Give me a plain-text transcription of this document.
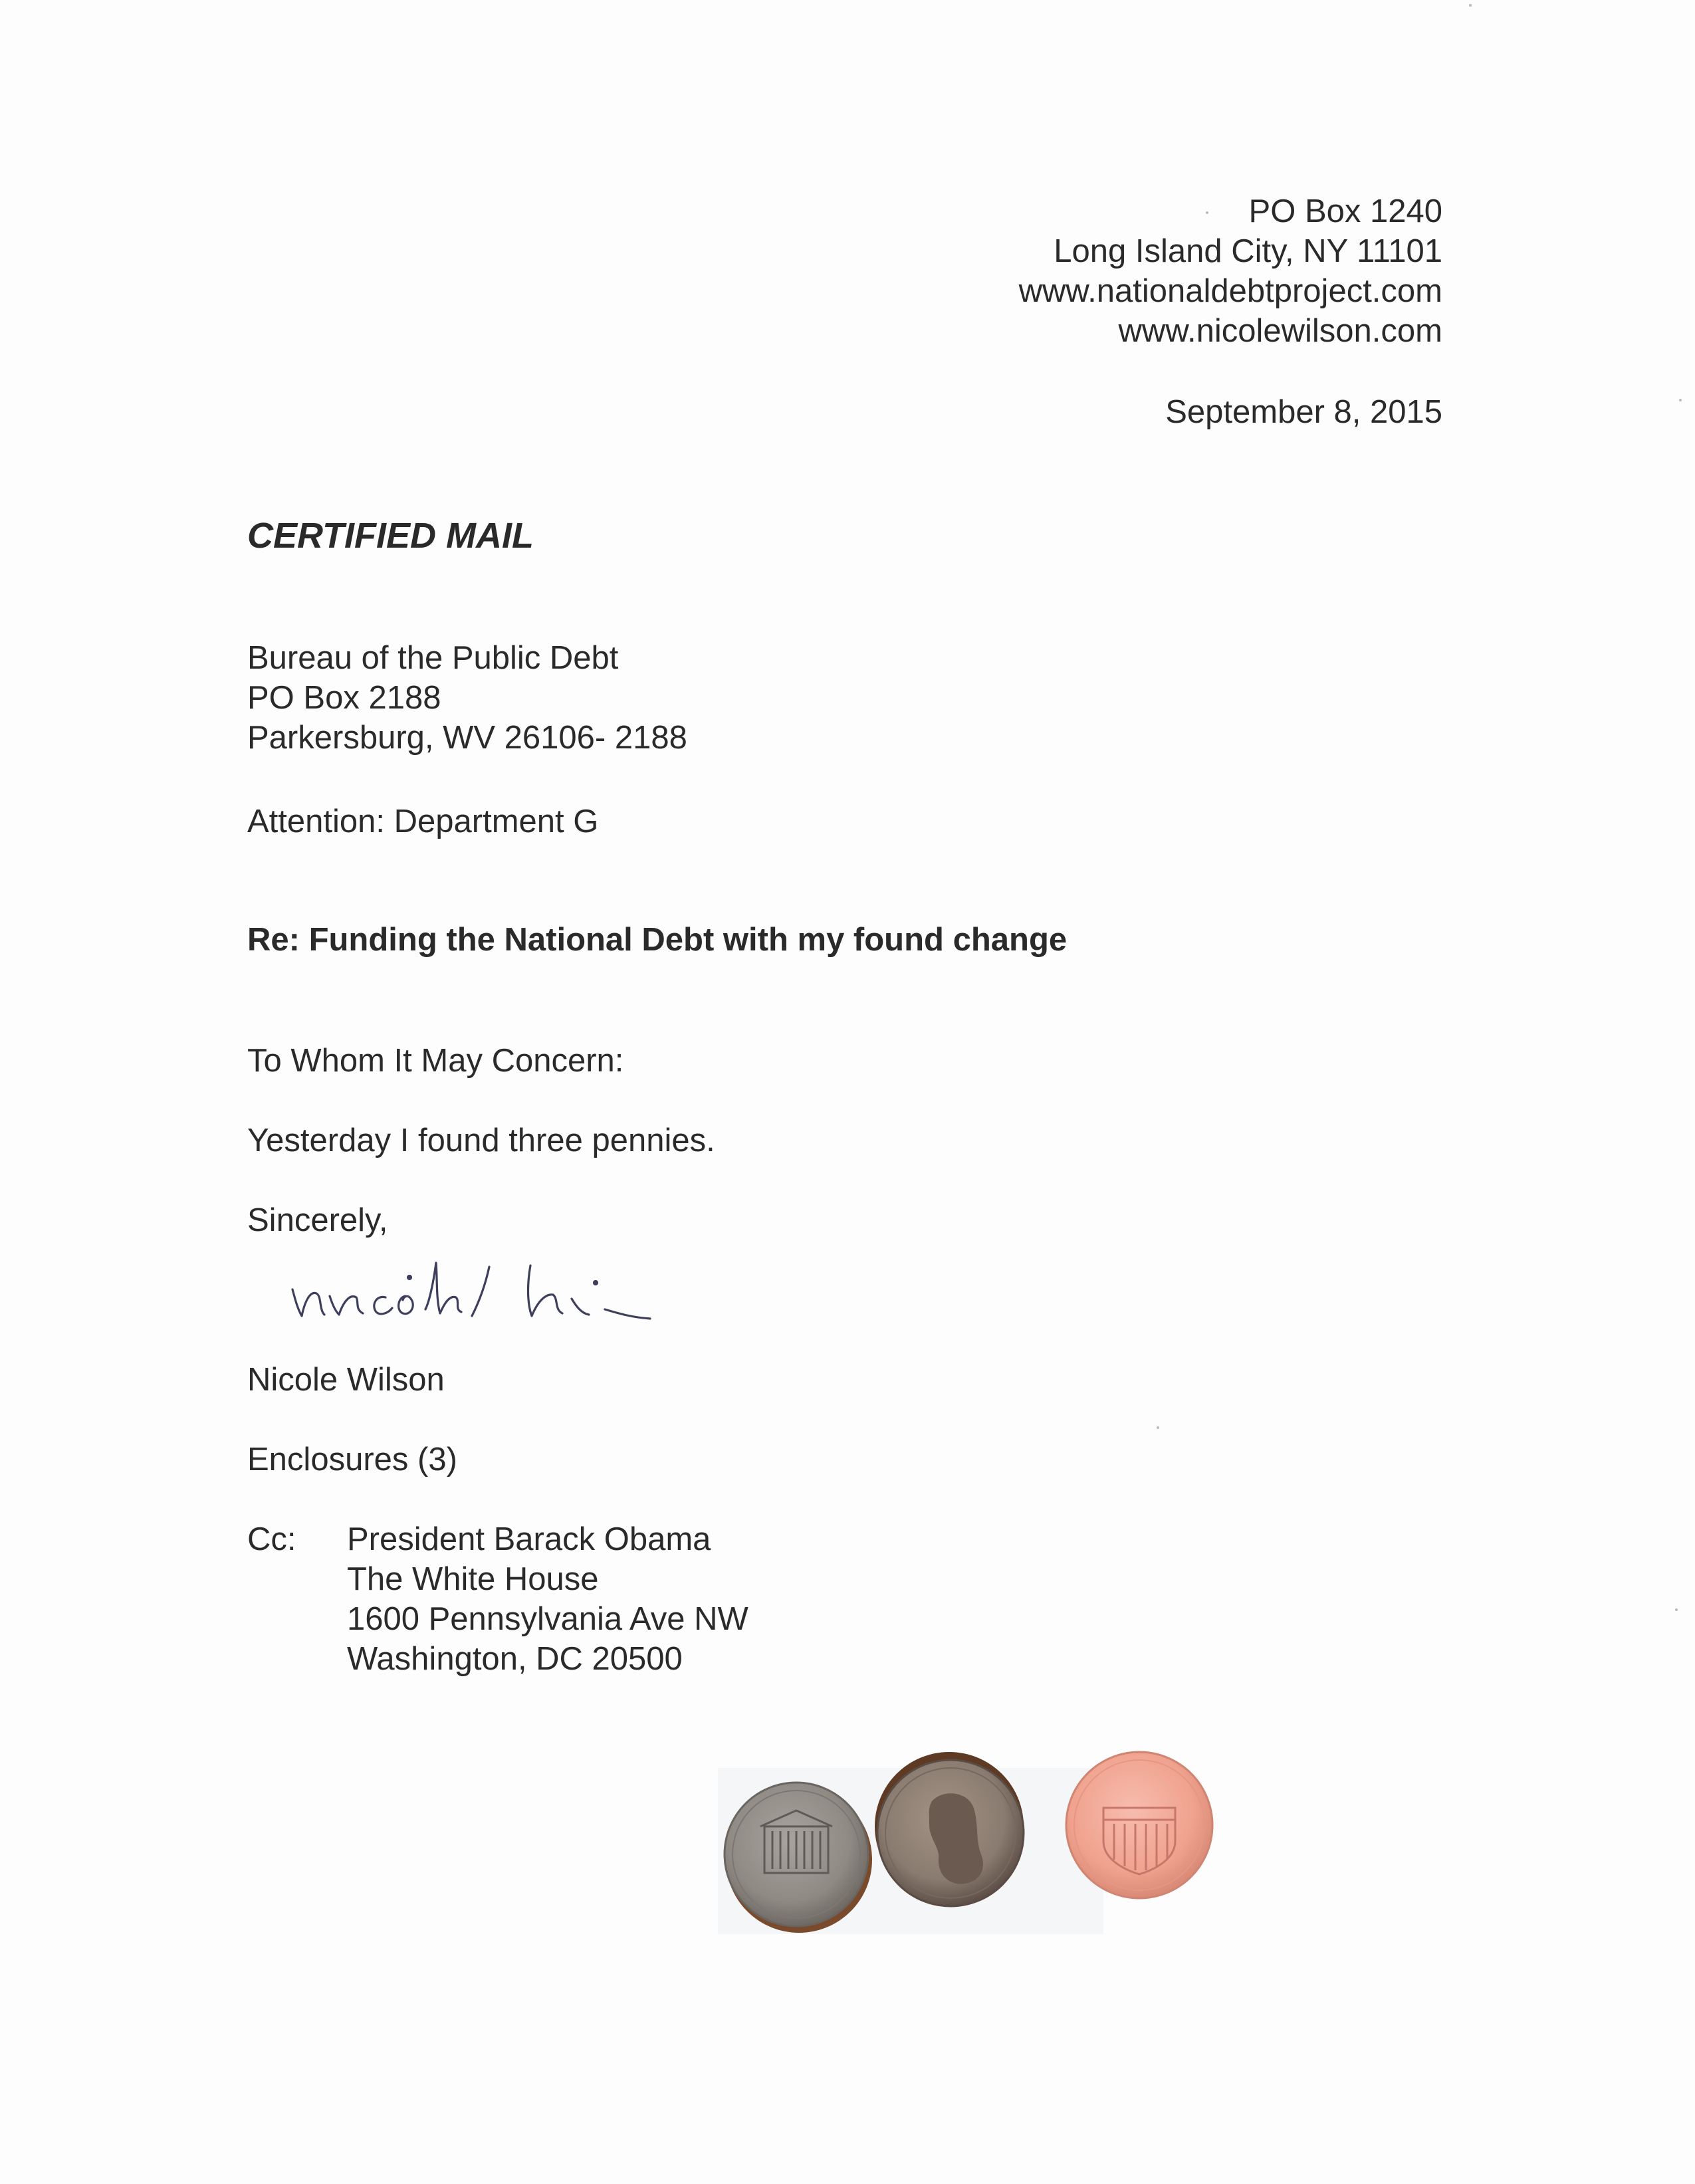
PO Box 1240
Long Island City, NY 11101
www.nationaldebtproject.com
www.nicolewilson.com

September 8, 2015

CERTIFIED MAIL

Bureau of the Public Debt
PO Box 2188
Parkersburg, WV 26106- 2188

Attention: Department G

Re: Funding the National Debt with my found change

To Whom It May Concern:

Yesterday I found three pennies.

Sincerely,

Nicole Wilson

Enclosures (3)

Cc: President Barack Obama
The White House
1600 Pennsylvania Ave NW
Washington, DC 20500
